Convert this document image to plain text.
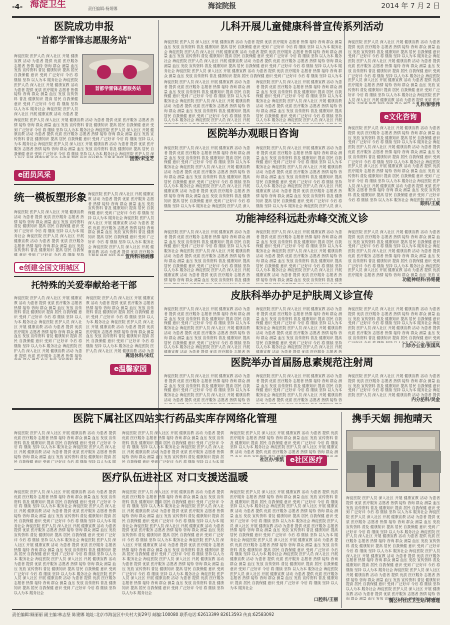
-4- 海淀卫生	责任编辑:杨炳娜	海淀院报	2014 年 7 月 2 日
医院成功申报
"首都学雷锋志愿服务站"
海淀医院 医护人员 深入社区 开展 健康宣教 活动 为患者 提供 优质 医疗服务 志愿者 热情 接待 咨询 群众 测量 血压 发放 宣传资料 普及 健康知识 提高 居民 自我保健 意识 受到 广泛好评 今后 将 继续 坚持 以人为本 服务社会 海淀医院 医护人员 深入社区 开展 健康宣教 活动 为患者 提供 优质 医疗服务 志愿者 热情 接待 咨询 群众 测量 血压 发放 宣传资料 普及 健康知识 提高 居民 自我保健 意识 受到 广泛好评 今后 将 继续 坚持 以人为本 服务社会 海淀医院 医护人员 深入社区 开展 健康宣教 活动 为患者 提供 优质 医疗服务 志愿者 热情 接待 咨询 群众 测量 血压 发放 宣传资料 普及 健康知识 提高 居民 自我保健 意识 受到 广泛好评 今后 将 继续 坚持 以人为本 服务社会 海淀医院 医护人员 深入社区 开展 健康宣教 活动 为患者 提供 优质 医疗服务 志愿者 热情 接待 咨询 群众 测量 血压 发放 宣传资料 普及 健康知识 提高 居民 自我保健 意识 受到 广泛好评 今后 将 继续 坚持 以人为本 服务社会 海淀医院 医护人员 深入社区 开展 健康宣教 活动 为患者 提供 优质 医疗服务 志愿者 热情 接待 咨询 群众 测量 血压 发放 宣传资料 普及 健康知识 提高 居民 自我保健 意识 受到 广泛好评 今后 将 继续 坚持 以人为本 服务社会 海淀医院 医护人员 深入社区 开展 健康宣教 活动 为患者 提供 优质 医疗服务 志愿者 热情 接待 咨询 群众 测量 血压 发放 宣传资料 普及 健康知识 提高 居民 自我保健 意识 受到 广泛好评 今后 将 继续 坚持 以人为本 服务社会
首都学雷锋志愿服务站
海淀医院 医护人员 深入社区 开展 健康宣教 活动 为患者 提供 优质 医疗服务 志愿者 热情 接待 咨询 群众 测量 血压 发放 宣传资料 普及 健康知识 提高 居民 自我保健 意识 受到 广泛好评 今后 将 继续 坚持 以人为本 服务社会 海淀医院 医护人员 深入社区 开展 健康宣教 活动 为患者 提供 优质 医疗服务 志愿者 热情 接待 咨询 群众 测量 血压 发放 宣传资料 普及 健康知识 提高 居民 自我保健 意识 受到 广泛好评 今后 将 继续 坚持 以人为本 服务社会 海淀医院 医护人员 深入社区 开展 健康宣教 活动 为患者 提供 优质 医疗服务 志愿者 热情 接待 咨询 群众 测量 血压 发放 宣传资料 普及 健康知识 提高 居民 自我保健 意识 受到 广泛好评 今后 将 继续 坚持 以人为本 服务社会 海淀医院 医护人员 深入社区 开展 健康宣教 活动 为患者 提供 优质 医疗服务 志愿者 热情 接待 咨询 群众 测量 血压 发放 宣传资料 普及 健康知识 提高 居民 自我保健 意识 受到 广泛好评 今后 将 继续 坚持 以人为本 服务社会 海淀医院 医护人员 深入社区 开展 健康宣教 活动 为患者 提供 优质 医疗服务 志愿者 热情 接待 咨询 群众 测量 血压 发放 宣传资料 普及 健康知识 提高 居民 自我保健 意识 受到 广泛好评 今后 将 继续 坚持 以人为本 服务社会 海淀医院 医护人员 深入社区 开展 健康宣教 活动 为患者 提供 优质 医疗服务 志愿者 热情 接待 咨询 群众 测量 血压 发放 宣传资料 普及 健康知识 提高 居民 自我保健 意识 受到 广泛好评 今后 将 继续 坚持 以人为本 服务社会
团委/宋宝芝
e团员风采
儿科开展儿童健康科普宣传系列活动
海淀医院 医护人员 深入社区 开展 健康宣教 活动 为患者 提供 优质 医疗服务 志愿者 热情 接待 咨询 群众 测量 血压 发放 宣传资料 普及 健康知识 提高 居民 自我保健 意识 受到 广泛好评 今后 将 继续 坚持 以人为本 服务社会 海淀医院 医护人员 深入社区 开展 健康宣教 活动 为患者 提供 优质 医疗服务 志愿者 热情 接待 咨询 群众 测量 血压 发放 宣传资料 普及 健康知识 提高 居民 自我保健 意识 受到 广泛好评 今后 将 继续 坚持 以人为本 服务社会 海淀医院 医护人员 深入社区 开展 健康宣教 活动 为患者 提供 优质 医疗服务 志愿者 热情 接待 咨询 群众 测量 血压 发放 宣传资料 普及 健康知识 提高 居民 自我保健 意识 受到 广泛好评 今后 将 继续 坚持 以人为本 服务社会 海淀医院 医护人员 深入社区 开展 健康宣教 活动 为患者 提供 优质 医疗服务 志愿者 热情 接待 咨询 群众 测量 血压 发放 宣传资料 普及 健康知识 提高 居民 自我保健 意识 受到 广泛好评 今后 将 继续 坚持 以人为本 服务社会 海淀医院 医护人员 深入社区 开展 健康宣教 活动 为患者 提供 优质 医疗服务 志愿者 热情 接待 咨询 群众 测量 血压 发放 宣传资料 普及 健康知识 提高 居民 自我保健 意识 受到 广泛好评 今后 将 继续 坚持 以人为本 服务社会 海淀医院 医护人员 深入社区 开展 健康宣教 活动 为患者 提供 优质 医疗服务 志愿者 热情 接待 咨询 群众 测量 血压 发放 宣传资料 普及 健康知识 提高 居民 自我保健 意识 受到 广泛好评 今后 将 继续 坚持 以人为本 服务社会
海淀医院 医护人员 深入社区 开展 健康宣教 活动 为患者 提供 优质 医疗服务 志愿者 热情 接待 咨询 群众 测量 血压 发放 宣传资料 普及 健康知识 提高 居民 自我保健 意识 受到 广泛好评 今后 将 继续 坚持 以人为本 服务社会 海淀医院 医护人员 深入社区 开展 健康宣教 活动 为患者 提供 优质 医疗服务 志愿者 热情 接待 咨询 群众 测量 血压 发放 宣传资料 普及 健康知识 提高 居民 自我保健 意识 受到 广泛好评 今后 将 继续 坚持 以人为本 服务社会 海淀医院 医护人员 深入社区 开展 健康宣教 活动 为患者 提供 优质 医疗服务 志愿者 热情 接待 咨询 群众 测量 血压 发放 宣传资料 普及 健康知识 提高 居民 自我保健 意识 受到 广泛好评 今后 将 继续 坚持 以人为本 服务社会 海淀医院 医护人员 深入社区 开展 健康宣教 活动 为患者 提供 优质 医疗服务 志愿者 热情 接待 咨询 群众 测量 血压 发放 宣传资料 普及 健康知识 提高 居民 自我保健 意识 受到 广泛好评 今后 将 继续 坚持 以人为本 服务社会 海淀医院 医护人员 深入社区 开展 健康宣教 活动 为患者 提供 优质 医疗服务 志愿者 热情 接待 咨询 群众 测量 血压 发放 宣传资料 普及 健康知识 提高 居民 自我保健 意识 受到 广泛好评 今后 将 继续 坚持 以人为本 服务社会 海淀医院 医护人员 深入社区 开展 健康宣教 活动 为患者 提供 优质 医疗服务 志愿者 热情 接待 咨询 群众 测量 血压 发放 宣传资料 普及 健康知识 提高 居民 自我保健 意识 受到 广泛好评 今后 将 继续 坚持 以人为本 服务社会
海淀医院 医护人员 深入社区 开展 健康宣教 活动 为患者 提供 优质 医疗服务 志愿者 热情 接待 咨询 群众 测量 血压 发放 宣传资料 普及 健康知识 提高 居民 自我保健 意识 受到 广泛好评 今后 将 继续 坚持 以人为本 服务社会 海淀医院 医护人员 深入社区 开展 健康宣教 活动 为患者 提供 优质 医疗服务 志愿者 热情 接待 咨询 群众 测量 血压 发放 宣传资料 普及 健康知识 提高 居民 自我保健 意识 受到 广泛好评 今后 将 继续 坚持 以人为本 服务社会 海淀医院 医护人员 深入社区 开展 健康宣教 活动 为患者 提供 优质 医疗服务 志愿者 热情 接待 咨询 群众 测量 血压 发放 宣传资料 普及 健康知识 提高 居民 自我保健 意识 受到 广泛好评 今后 将 继续 坚持 以人为本 服务社会 海淀医院 医护人员 深入社区 开展 健康宣教 活动 为患者 提供 优质 医疗服务 志愿者 热情 接待 咨询 群众 测量 血压 发放 宣传资料 普及 健康知识 提高 居民 自我保健 意识 受到 广泛好评 今后 将 继续 坚持 以人为本 服务社会 海淀医院 医护人员 深入社区 开展 健康宣教 活动 为患者 提供 优质 医疗服务 志愿者 热情 接待 咨询 群众 测量 血压 发放 宣传资料 普及 健康知识 提高 居民 自我保健 意识 受到 广泛好评 今后 将 继续 坚持 以人为本 服务社会 海淀医院 医护人员 深入社区 开展 健康宣教 活动 为患者 提供 优质 医疗服务 志愿者 热情 接待 咨询 群众 测量 血压 发放 宣传资料 普及 健康知识 提高 居民 自我保健 意识 受到 广泛好评 今后 将 继续 坚持 以人为本 服务社会
海淀医院 医护人员 深入社区 开展 健康宣教 活动 为患者 提供 优质 医疗服务 志愿者 热情 接待 咨询 群众 测量 血压 发放 宣传资料 普及 健康知识 提高 居民 自我保健 意识 受到 广泛好评 今后 将 继续 坚持 以人为本 服务社会 海淀医院 医护人员 深入社区 开展 健康宣教 活动 为患者 提供 优质 医疗服务 志愿者 热情 接待 咨询 群众 测量 血压 发放 宣传资料 普及 健康知识 提高 居民 自我保健 意识 受到 广泛好评 今后 将 继续 坚持 以人为本 服务社会 海淀医院 医护人员 深入社区 开展 健康宣教 活动 为患者 提供 优质 医疗服务 志愿者 热情 接待 咨询 群众 测量 血压 发放 宣传资料 普及 健康知识 提高 居民 自我保健 意识 受到 广泛好评 今后 将 继续 坚持 以人为本 服务社会 海淀医院 医护人员 深入社区 开展 健康宣教 活动 为患者 提供 优质 医疗服务 志愿者 热情 接待 咨询 群众 测量 血压 发放 宣传资料 普及 健康知识 提高 居民 自我保健 意识 受到 广泛好评 今后 将 继续 坚持 以人为本 服务社会 海淀医院 医护人员 深入社区 开展 健康宣教 活动 为患者 提供 优质 医疗服务 志愿者 热情 接待 咨询 群众 测量 血压 发放 宣传资料 普及 健康知识 提高 居民 自我保健 意识 受到 广泛好评 今后 将 继续 坚持 以人为本 服务社会 海淀医院 医护人员 深入社区 开展 健康宣教 活动 为患者 提供 优质 医疗服务 志愿者 热情 接待 咨询 群众 测量 血压 发放 宣传资料 普及 健康知识 提高 居民 自我保健 意识 受到 广泛好评 今后 将 继续 坚持 以人为本 服务社会
儿科/彭张伟
e文化咨询
医院举办观眼日咨询
海淀医院 医护人员 深入社区 开展 健康宣教 活动 为患者 提供 优质 医疗服务 志愿者 热情 接待 咨询 群众 测量 血压 发放 宣传资料 普及 健康知识 提高 居民 自我保健 意识 受到 广泛好评 今后 将 继续 坚持 以人为本 服务社会 海淀医院 医护人员 深入社区 开展 健康宣教 活动 为患者 提供 优质 医疗服务 志愿者 热情 接待 咨询 群众 测量 血压 发放 宣传资料 普及 健康知识 提高 居民 自我保健 意识 受到 广泛好评 今后 将 继续 坚持 以人为本 服务社会 海淀医院 医护人员 深入社区 开展 健康宣教 活动 为患者 提供 优质 医疗服务 志愿者 热情 接待 咨询 群众 测量 血压 发放 宣传资料 普及 健康知识 提高 居民 自我保健 意识 受到 广泛好评 今后 将 继续 坚持 以人为本 服务社会 海淀医院 医护人员 深入社区 开展 健康宣教 活动 为患者 提供 优质 医疗服务 志愿者 热情 接待 咨询 群众 测量 血压 发放 宣传资料 普及 健康知识 提高 居民 自我保健 意识 受到 广泛好评 今后 将 继续 坚持 以人为本 服务社会 海淀医院 医护人员 深入社区 开展 健康宣教 活动 为患者 提供 优质 医疗服务 志愿者 热情 接待 咨询 群众 测量 血压 发放 宣传资料 普及 健康知识 提高 居民 自我保健 意识 受到 广泛好评 今后 将 继续 坚持 以人为本 服务社会 海淀医院 医护人员 深入社区 开展 健康宣教 活动 为患者 提供 优质 医疗服务 志愿者 热情 接待 咨询 群众 测量 血压 发放 宣传资料 普及 健康知识 提高 居民 自我保健 意识 受到 广泛好评 今后 将 继续 坚持 以人为本 服务社会
海淀医院 医护人员 深入社区 开展 健康宣教 活动 为患者 提供 优质 医疗服务 志愿者 热情 接待 咨询 群众 测量 血压 发放 宣传资料 普及 健康知识 提高 居民 自我保健 意识 受到 广泛好评 今后 将 继续 坚持 以人为本 服务社会 海淀医院 医护人员 深入社区 开展 健康宣教 活动 为患者 提供 优质 医疗服务 志愿者 热情 接待 咨询 群众 测量 血压 发放 宣传资料 普及 健康知识 提高 居民 自我保健 意识 受到 广泛好评 今后 将 继续 坚持 以人为本 服务社会 海淀医院 医护人员 深入社区 开展 健康宣教 活动 为患者 提供 优质 医疗服务 志愿者 热情 接待 咨询 群众 测量 血压 发放 宣传资料 普及 健康知识 提高 居民 自我保健 意识 受到 广泛好评 今后 将 继续 坚持 以人为本 服务社会 海淀医院 医护人员 深入社区 开展 健康宣教 活动 为患者 提供 优质 医疗服务 志愿者 热情 接待 咨询 群众 测量 血压 发放 宣传资料 普及 健康知识 提高 居民 自我保健 意识 受到 广泛好评 今后 将 继续 坚持 以人为本 服务社会 海淀医院 医护人员 深入社区 开展 健康宣教 活动 为患者 提供 优质 医疗服务 志愿者 热情 接待 咨询 群众 测量 血压 发放 宣传资料 普及 健康知识 提高 居民 自我保健 意识 受到 广泛好评 今后 将 继续 坚持 以人为本 服务社会 海淀医院 医护人员 深入社区 开展 健康宣教 活动 为患者 提供 优质 医疗服务 志愿者 热情 接待 咨询 群众 测量 血压 发放 宣传资料 普及 健康知识 提高 居民 自我保健 意识 受到 广泛好评 今后 将 继续 坚持 以人为本 服务社会
海淀医院 医护人员 深入社区 开展 健康宣教 活动 为患者 提供 优质 医疗服务 志愿者 热情 接待 咨询 群众 测量 血压 发放 宣传资料 普及 健康知识 提高 居民 自我保健 意识 受到 广泛好评 今后 将 继续 坚持 以人为本 服务社会 海淀医院 医护人员 深入社区 开展 健康宣教 活动 为患者 提供 优质 医疗服务 志愿者 热情 接待 咨询 群众 测量 血压 发放 宣传资料 普及 健康知识 提高 居民 自我保健 意识 受到 广泛好评 今后 将 继续 坚持 以人为本 服务社会 海淀医院 医护人员 深入社区 开展 健康宣教 活动 为患者 提供 优质 医疗服务 志愿者 热情 接待 咨询 群众 测量 血压 发放 宣传资料 普及 健康知识 提高 居民 自我保健 意识 受到 广泛好评 今后 将 继续 坚持 以人为本 服务社会 海淀医院 医护人员 深入社区 开展 健康宣教 活动 为患者 提供 优质 医疗服务 志愿者 热情 接待 咨询 群众 测量 血压 发放 宣传资料 普及 健康知识 提高 居民 自我保健 意识 受到 广泛好评 今后 将 继续 坚持 以人为本 服务社会 海淀医院 医护人员 深入社区 开展 健康宣教 活动 为患者 提供 优质 医疗服务 志愿者 热情 接待 咨询 群众 测量 血压 发放 宣传资料 普及 健康知识 提高 居民 自我保健 意识 受到 广泛好评 今后 将 继续 坚持 以人为本 服务社会 海淀医院 医护人员 深入社区 开展 健康宣教 活动 为患者 提供 优质 医疗服务 志愿者 热情 接待 咨询 群众 测量 血压 发放 宣传资料 普及 健康知识 提高 居民 自我保健 意识 受到 广泛好评 今后 将 继续 坚持 以人为本 服务社会
眼科/王威
统一模板塑形象
海淀医院 医护人员 深入社区 开展 健康宣教 活动 为患者 提供 优质 医疗服务 志愿者 热情 接待 咨询 群众 测量 血压 发放 宣传资料 普及 健康知识 提高 居民 自我保健 意识 受到 广泛好评 今后 将 继续 坚持 以人为本 服务社会 海淀医院 医护人员 深入社区 开展 健康宣教 活动 为患者 提供 优质 医疗服务 志愿者 热情 接待 咨询 群众 测量 血压 发放 宣传资料 普及 健康知识 提高 居民 自我保健 意识 受到 广泛好评 今后 将 继续 坚持 以人为本 服务社会 海淀医院 医护人员 深入社区 开展 健康宣教 活动 为患者 提供 优质 医疗服务 志愿者 热情 接待 咨询 群众 测量 血压 发放 宣传资料 普及 健康知识 提高 居民 自我保健 意识 受到 广泛好评 今后 将 继续 坚持 以人为本 服务社会 海淀医院 医护人员 深入社区 开展 健康宣教 活动 为患者 提供 优质 医疗服务 志愿者 热情 接待 咨询 群众 测量 血压 发放 宣传资料 普及 健康知识 提高 居民 自我保健 意识 受到 广泛好评 今后 将 继续 坚持 以人为本 服务社会 海淀医院 医护人员 深入社区 开展 健康宣教 活动 为患者 提供 优质 医疗服务 志愿者 热情 接待 咨询 群众 测量 血压 发放 宣传资料 普及 健康知识 提高 居民 自我保健 意识 受到 广泛好评 今后 将 继续 坚持 以人为本 服务社会 海淀医院 医护人员 深入社区 开展 健康宣教 活动 为患者 提供 优质 医疗服务 志愿者 热情 接待 咨询 群众 测量 血压 发放 宣传资料 普及 健康知识 提高 居民 自我保健 意识 受到 广泛好评 今后 将 继续 坚持 以人为本 服务社会
海淀医院 医护人员 深入社区 开展 健康宣教 活动 为患者 提供 优质 医疗服务 志愿者 热情 接待 咨询 群众 测量 血压 发放 宣传资料 普及 健康知识 提高 居民 自我保健 意识 受到 广泛好评 今后 将 继续 坚持 以人为本 服务社会 海淀医院 医护人员 深入社区 开展 健康宣教 活动 为患者 提供 优质 医疗服务 志愿者 热情 接待 咨询 群众 测量 血压 发放 宣传资料 普及 健康知识 提高 居民 自我保健 意识 受到 广泛好评 今后 将 继续 坚持 以人为本 服务社会 海淀医院 医护人员 深入社区 开展 健康宣教 活动 为患者 提供 优质 医疗服务 志愿者 热情 接待 咨询 群众 测量 血压 发放 宣传资料 普及 健康知识 提高 居民 自我保健 意识 受到 广泛好评 今后 将 继续 坚持 以人为本 服务社会 海淀医院 医护人员 深入社区 开展 健康宣教 活动 为患者 提供 优质 医疗服务 志愿者 热情 接待 咨询 群众 测量 血压 发放 宣传资料 普及 健康知识 提高 居民 自我保健 意识 受到 广泛好评 今后 将 继续 坚持 以人为本 服务社会 海淀医院 医护人员 深入社区 开展 健康宣教 活动 为患者 提供 优质 医疗服务 志愿者 热情 接待 咨询 群众 测量 血压 发放 宣传资料 普及 健康知识 提高 居民 自我保健 意识 受到 广泛好评 今后 将 继续 坚持 以人为本 服务社会 海淀医院 医护人员 深入社区 开展 健康宣教 活动 为患者 提供 优质 医疗服务 志愿者 热情 接待 咨询 群众 测量 血压 发放 宣传资料 普及 健康知识 提高 居民 自我保健 意识 受到 广泛好评 今后 将 继续 坚持 以人为本 服务社会
宣传科/杨炳娜
e创建全国文明城区
功能神经科远赴赤峰交流义诊
海淀医院 医护人员 深入社区 开展 健康宣教 活动 为患者 提供 优质 医疗服务 志愿者 热情 接待 咨询 群众 测量 血压 发放 宣传资料 普及 健康知识 提高 居民 自我保健 意识 受到 广泛好评 今后 将 继续 坚持 以人为本 服务社会 海淀医院 医护人员 深入社区 开展 健康宣教 活动 为患者 提供 优质 医疗服务 志愿者 热情 接待 咨询 群众 测量 血压 发放 宣传资料 普及 健康知识 提高 居民 自我保健 意识 受到 广泛好评 今后 将 继续 坚持 以人为本 服务社会 海淀医院 医护人员 深入社区 开展 健康宣教 活动 为患者 提供 优质 医疗服务 志愿者 热情 接待 咨询 群众 测量 血压 发放 宣传资料 普及 健康知识 提高 居民 自我保健 意识 受到 广泛好评 今后 将 继续 坚持 以人为本 服务社会 海淀医院 医护人员 深入社区 开展 健康宣教 活动 为患者 提供 优质 医疗服务 志愿者 热情 接待 咨询 群众 测量 血压 发放 宣传资料 普及 健康知识 提高 居民 自我保健 意识 受到 广泛好评 今后 将 继续 坚持 以人为本 服务社会 海淀医院 医护人员 深入社区 开展 健康宣教 活动 为患者 提供 优质 医疗服务 志愿者 热情 接待 咨询 群众 测量 血压 发放 宣传资料 普及 健康知识 提高 居民 自我保健 意识 受到 广泛好评 今后 将 继续 坚持 以人为本 服务社会 海淀医院 医护人员 深入社区 开展 健康宣教 活动 为患者 提供 优质 医疗服务 志愿者 热情 接待 咨询 群众 测量 血压 发放 宣传资料 普及 健康知识 提高 居民 自我保健 意识 受到 广泛好评 今后 将 继续 坚持 以人为本 服务社会
海淀医院 医护人员 深入社区 开展 健康宣教 活动 为患者 提供 优质 医疗服务 志愿者 热情 接待 咨询 群众 测量 血压 发放 宣传资料 普及 健康知识 提高 居民 自我保健 意识 受到 广泛好评 今后 将 继续 坚持 以人为本 服务社会 海淀医院 医护人员 深入社区 开展 健康宣教 活动 为患者 提供 优质 医疗服务 志愿者 热情 接待 咨询 群众 测量 血压 发放 宣传资料 普及 健康知识 提高 居民 自我保健 意识 受到 广泛好评 今后 将 继续 坚持 以人为本 服务社会 海淀医院 医护人员 深入社区 开展 健康宣教 活动 为患者 提供 优质 医疗服务 志愿者 热情 接待 咨询 群众 测量 血压 发放 宣传资料 普及 健康知识 提高 居民 自我保健 意识 受到 广泛好评 今后 将 继续 坚持 以人为本 服务社会 海淀医院 医护人员 深入社区 开展 健康宣教 活动 为患者 提供 优质 医疗服务 志愿者 热情 接待 咨询 群众 测量 血压 发放 宣传资料 普及 健康知识 提高 居民 自我保健 意识 受到 广泛好评 今后 将 继续 坚持 以人为本 服务社会 海淀医院 医护人员 深入社区 开展 健康宣教 活动 为患者 提供 优质 医疗服务 志愿者 热情 接待 咨询 群众 测量 血压 发放 宣传资料 普及 健康知识 提高 居民 自我保健 意识 受到 广泛好评 今后 将 继续 坚持 以人为本 服务社会 海淀医院 医护人员 深入社区 开展 健康宣教 活动 为患者 提供 优质 医疗服务 志愿者 热情 接待 咨询 群众 测量 血压 发放 宣传资料 普及 健康知识 提高 居民 自我保健 意识 受到 广泛好评 今后 将 继续 坚持 以人为本 服务社会
海淀医院 医护人员 深入社区 开展 健康宣教 活动 为患者 提供 优质 医疗服务 志愿者 热情 接待 咨询 群众 测量 血压 发放 宣传资料 普及 健康知识 提高 居民 自我保健 意识 受到 广泛好评 今后 将 继续 坚持 以人为本 服务社会 海淀医院 医护人员 深入社区 开展 健康宣教 活动 为患者 提供 优质 医疗服务 志愿者 热情 接待 咨询 群众 测量 血压 发放 宣传资料 普及 健康知识 提高 居民 自我保健 意识 受到 广泛好评 今后 将 继续 坚持 以人为本 服务社会 海淀医院 医护人员 深入社区 开展 健康宣教 活动 为患者 提供 优质 医疗服务 志愿者 热情 接待 咨询 群众 测量 血压 发放 宣传资料 普及 健康知识 提高 居民 自我保健 意识 受到 广泛好评 今后 将 继续 坚持 以人为本 服务社会 海淀医院 医护人员 深入社区 开展 健康宣教 活动 为患者 提供 优质 医疗服务 志愿者 热情 接待 咨询 群众 测量 血压 发放 宣传资料 普及 健康知识 提高 居民 自我保健 意识 受到 广泛好评 今后 将 继续 坚持 以人为本 服务社会 海淀医院 医护人员 深入社区 开展 健康宣教 活动 为患者 提供 优质 医疗服务 志愿者 热情 接待 咨询 群众 测量 血压 发放 宣传资料 普及 健康知识 提高 居民 自我保健 意识 受到 广泛好评 今后 将 继续 坚持 以人为本 服务社会 海淀医院 医护人员 深入社区 开展 健康宣教 活动 为患者 提供 优质 医疗服务 志愿者 热情 接待 咨询 群众 测量 血压 发放 宣传资料 普及 健康知识 提高 居民 自我保健 意识 受到 广泛好评 今后 将 继续 坚持 以人为本 服务社会
功能神经科/孙铭健
托特殊的关爱奉献给老干部
海淀医院 医护人员 深入社区 开展 健康宣教 活动 为患者 提供 优质 医疗服务 志愿者 热情 接待 咨询 群众 测量 血压 发放 宣传资料 普及 健康知识 提高 居民 自我保健 意识 受到 广泛好评 今后 将 继续 坚持 以人为本 服务社会 海淀医院 医护人员 深入社区 开展 健康宣教 活动 为患者 提供 优质 医疗服务 志愿者 热情 接待 咨询 群众 测量 血压 发放 宣传资料 普及 健康知识 提高 居民 自我保健 意识 受到 广泛好评 今后 将 继续 坚持 以人为本 服务社会 海淀医院 医护人员 深入社区 开展 健康宣教 活动 为患者 提供 优质 医疗服务 志愿者 热情 接待 咨询 群众 测量 血压 发放 宣传资料 普及 健康知识 提高 居民 自我保健 意识 受到 广泛好评 今后 将 继续 坚持 以人为本 服务社会 海淀医院 医护人员 深入社区 开展 健康宣教 活动 为患者 提供 优质 医疗服务 志愿者 热情 接待 咨询 群众 测量 血压 发放 宣传资料 普及 健康知识 提高 居民 自我保健 意识 受到 广泛好评 今后 将 继续 坚持 以人为本 服务社会 海淀医院 医护人员 深入社区 开展 健康宣教 活动 为患者 提供 优质 医疗服务 志愿者 热情 接待 咨询 群众 测量 血压 发放 宣传资料 普及 健康知识 提高 居民 自我保健 意识 受到 广泛好评 今后 将 继续 坚持 以人为本 服务社会 海淀医院 医护人员 深入社区 开展 健康宣教 活动 为患者 提供 优质 医疗服务 志愿者 热情 接待 咨询 群众 测量 血压 发放 宣传资料 普及 健康知识 提高 居民 自我保健 意识 受到 广泛好评 今后 将 继续 坚持 以人为本 服务社会
海淀医院 医护人员 深入社区 开展 健康宣教 活动 为患者 提供 优质 医疗服务 志愿者 热情 接待 咨询 群众 测量 血压 发放 宣传资料 普及 健康知识 提高 居民 自我保健 意识 受到 广泛好评 今后 将 继续 坚持 以人为本 服务社会 海淀医院 医护人员 深入社区 开展 健康宣教 活动 为患者 提供 优质 医疗服务 志愿者 热情 接待 咨询 群众 测量 血压 发放 宣传资料 普及 健康知识 提高 居民 自我保健 意识 受到 广泛好评 今后 将 继续 坚持 以人为本 服务社会 海淀医院 医护人员 深入社区 开展 健康宣教 活动 为患者 提供 优质 医疗服务 志愿者 热情 接待 咨询 群众 测量 血压 发放 宣传资料 普及 健康知识 提高 居民 自我保健 意识 受到 广泛好评 今后 将 继续 坚持 以人为本 服务社会 海淀医院 医护人员 深入社区 开展 健康宣教 活动 为患者 提供 优质 医疗服务 志愿者 热情 接待 咨询 群众 测量 血压 发放 宣传资料 普及 健康知识 提高 居民 自我保健 意识 受到 广泛好评 今后 将 继续 坚持 以人为本 服务社会 海淀医院 医护人员 深入社区 开展 健康宣教 活动 为患者 提供 优质 医疗服务 志愿者 热情 接待 咨询 群众 测量 血压 发放 宣传资料 普及 健康知识 提高 居民 自我保健 意识 受到 广泛好评 今后 将 继续 坚持 以人为本 服务社会 海淀医院 医护人员 深入社区 开展 健康宣教 活动 为患者 提供 优质 医疗服务 志愿者 热情 接待 咨询 群众 测量 血压 发放 宣传资料 普及 健康知识 提高 居民 自我保健 意识 受到 广泛好评 今后 将 继续 坚持 以人为本 服务社会
离退休科/宋红
e温馨家园
皮肤科举办护足护肤周义诊宣传
海淀医院 医护人员 深入社区 开展 健康宣教 活动 为患者 提供 优质 医疗服务 志愿者 热情 接待 咨询 群众 测量 血压 发放 宣传资料 普及 健康知识 提高 居民 自我保健 意识 受到 广泛好评 今后 将 继续 坚持 以人为本 服务社会 海淀医院 医护人员 深入社区 开展 健康宣教 活动 为患者 提供 优质 医疗服务 志愿者 热情 接待 咨询 群众 测量 血压 发放 宣传资料 普及 健康知识 提高 居民 自我保健 意识 受到 广泛好评 今后 将 继续 坚持 以人为本 服务社会 海淀医院 医护人员 深入社区 开展 健康宣教 活动 为患者 提供 优质 医疗服务 志愿者 热情 接待 咨询 群众 测量 血压 发放 宣传资料 普及 健康知识 提高 居民 自我保健 意识 受到 广泛好评 今后 将 继续 坚持 以人为本 服务社会 海淀医院 医护人员 深入社区 开展 健康宣教 活动 为患者 提供 优质 医疗服务 志愿者 热情 接待 咨询 群众 测量 血压 发放 宣传资料 普及 健康知识 提高 居民 自我保健 意识 受到 广泛好评 今后 将 继续 坚持 以人为本 服务社会 海淀医院 医护人员 深入社区 开展 健康宣教 活动 为患者 提供 优质 医疗服务 志愿者 热情 接待 咨询 群众 测量 血压 发放 宣传资料 普及 健康知识 提高 居民 自我保健 意识 受到 广泛好评 今后 将 继续 坚持 以人为本 服务社会 海淀医院 医护人员 深入社区 开展 健康宣教 活动 为患者 提供 优质 医疗服务 志愿者 热情 接待 咨询 群众 测量 血压 发放 宣传资料 普及 健康知识 提高 居民 自我保健 意识 受到 广泛好评 今后 将 继续 坚持 以人为本 服务社会
海淀医院 医护人员 深入社区 开展 健康宣教 活动 为患者 提供 优质 医疗服务 志愿者 热情 接待 咨询 群众 测量 血压 发放 宣传资料 普及 健康知识 提高 居民 自我保健 意识 受到 广泛好评 今后 将 继续 坚持 以人为本 服务社会 海淀医院 医护人员 深入社区 开展 健康宣教 活动 为患者 提供 优质 医疗服务 志愿者 热情 接待 咨询 群众 测量 血压 发放 宣传资料 普及 健康知识 提高 居民 自我保健 意识 受到 广泛好评 今后 将 继续 坚持 以人为本 服务社会 海淀医院 医护人员 深入社区 开展 健康宣教 活动 为患者 提供 优质 医疗服务 志愿者 热情 接待 咨询 群众 测量 血压 发放 宣传资料 普及 健康知识 提高 居民 自我保健 意识 受到 广泛好评 今后 将 继续 坚持 以人为本 服务社会 海淀医院 医护人员 深入社区 开展 健康宣教 活动 为患者 提供 优质 医疗服务 志愿者 热情 接待 咨询 群众 测量 血压 发放 宣传资料 普及 健康知识 提高 居民 自我保健 意识 受到 广泛好评 今后 将 继续 坚持 以人为本 服务社会 海淀医院 医护人员 深入社区 开展 健康宣教 活动 为患者 提供 优质 医疗服务 志愿者 热情 接待 咨询 群众 测量 血压 发放 宣传资料 普及 健康知识 提高 居民 自我保健 意识 受到 广泛好评 今后 将 继续 坚持 以人为本 服务社会 海淀医院 医护人员 深入社区 开展 健康宣教 活动 为患者 提供 优质 医疗服务 志愿者 热情 接待 咨询 群众 测量 血压 发放 宣传资料 普及 健康知识 提高 居民 自我保健 意识 受到 广泛好评 今后 将 继续 坚持 以人为本 服务社会
海淀医院 医护人员 深入社区 开展 健康宣教 活动 为患者 提供 优质 医疗服务 志愿者 热情 接待 咨询 群众 测量 血压 发放 宣传资料 普及 健康知识 提高 居民 自我保健 意识 受到 广泛好评 今后 将 继续 坚持 以人为本 服务社会 海淀医院 医护人员 深入社区 开展 健康宣教 活动 为患者 提供 优质 医疗服务 志愿者 热情 接待 咨询 群众 测量 血压 发放 宣传资料 普及 健康知识 提高 居民 自我保健 意识 受到 广泛好评 今后 将 继续 坚持 以人为本 服务社会 海淀医院 医护人员 深入社区 开展 健康宣教 活动 为患者 提供 优质 医疗服务 志愿者 热情 接待 咨询 群众 测量 血压 发放 宣传资料 普及 健康知识 提高 居民 自我保健 意识 受到 广泛好评 今后 将 继续 坚持 以人为本 服务社会 海淀医院 医护人员 深入社区 开展 健康宣教 活动 为患者 提供 优质 医疗服务 志愿者 热情 接待 咨询 群众 测量 血压 发放 宣传资料 普及 健康知识 提高 居民 自我保健 意识 受到 广泛好评 今后 将 继续 坚持 以人为本 服务社会 海淀医院 医护人员 深入社区 开展 健康宣教 活动 为患者 提供 优质 医疗服务 志愿者 热情 接待 咨询 群众 测量 血压 发放 宣传资料 普及 健康知识 提高 居民 自我保健 意识 受到 广泛好评 今后 将 继续 坚持 以人为本 服务社会 海淀医院 医护人员 深入社区 开展 健康宣教 活动 为患者 提供 优质 医疗服务 志愿者 热情 接待 咨询 群众 测量 血压 发放 宣传资料 普及 健康知识 提高 居民 自我保健 意识 受到 广泛好评 今后 将 继续 坚持 以人为本 服务社会
门诊办公室/张国凤
医院举办首届肠息素规范注射周
海淀医院 医护人员 深入社区 开展 健康宣教 活动 为患者 提供 优质 医疗服务 志愿者 热情 接待 咨询 群众 测量 血压 发放 宣传资料 普及 健康知识 提高 居民 自我保健 意识 受到 广泛好评 今后 将 继续 坚持 以人为本 服务社会 海淀医院 医护人员 深入社区 开展 健康宣教 活动 为患者 提供 优质 医疗服务 志愿者 热情 接待 咨询 群众 测量 血压 发放 宣传资料 普及 健康知识 提高 居民 自我保健 意识 受到 广泛好评 今后 将 继续 坚持 以人为本 服务社会 海淀医院 医护人员 深入社区 开展 健康宣教 活动 为患者 提供 优质 医疗服务 志愿者 热情 接待 咨询 群众 测量 血压 发放 宣传资料 普及 健康知识 提高 居民 自我保健 意识 受到 广泛好评 今后 将 继续 坚持 以人为本 服务社会 海淀医院 医护人员 深入社区 开展 健康宣教 活动 为患者 提供 优质 医疗服务 志愿者 热情 接待 咨询 群众 测量 血压 发放 宣传资料 普及 健康知识 提高 居民 自我保健 意识 受到 广泛好评 今后 将 继续 坚持 以人为本 服务社会 海淀医院 医护人员 深入社区 开展 健康宣教 活动 为患者 提供 优质 医疗服务 志愿者 热情 接待 咨询 群众 测量 血压 发放 宣传资料 普及 健康知识 提高 居民 自我保健 意识 受到 广泛好评 今后 将 继续 坚持 以人为本 服务社会 海淀医院 医护人员 深入社区 开展 健康宣教 活动 为患者 提供 优质 医疗服务 志愿者 热情 接待 咨询 群众 测量 血压 发放 宣传资料 普及 健康知识 提高 居民 自我保健 意识 受到 广泛好评 今后 将 继续 坚持 以人为本 服务社会
海淀医院 医护人员 深入社区 开展 健康宣教 活动 为患者 提供 优质 医疗服务 志愿者 热情 接待 咨询 群众 测量 血压 发放 宣传资料 普及 健康知识 提高 居民 自我保健 意识 受到 广泛好评 今后 将 继续 坚持 以人为本 服务社会 海淀医院 医护人员 深入社区 开展 健康宣教 活动 为患者 提供 优质 医疗服务 志愿者 热情 接待 咨询 群众 测量 血压 发放 宣传资料 普及 健康知识 提高 居民 自我保健 意识 受到 广泛好评 今后 将 继续 坚持 以人为本 服务社会 海淀医院 医护人员 深入社区 开展 健康宣教 活动 为患者 提供 优质 医疗服务 志愿者 热情 接待 咨询 群众 测量 血压 发放 宣传资料 普及 健康知识 提高 居民 自我保健 意识 受到 广泛好评 今后 将 继续 坚持 以人为本 服务社会 海淀医院 医护人员 深入社区 开展 健康宣教 活动 为患者 提供 优质 医疗服务 志愿者 热情 接待 咨询 群众 测量 血压 发放 宣传资料 普及 健康知识 提高 居民 自我保健 意识 受到 广泛好评 今后 将 继续 坚持 以人为本 服务社会 海淀医院 医护人员 深入社区 开展 健康宣教 活动 为患者 提供 优质 医疗服务 志愿者 热情 接待 咨询 群众 测量 血压 发放 宣传资料 普及 健康知识 提高 居民 自我保健 意识 受到 广泛好评 今后 将 继续 坚持 以人为本 服务社会 海淀医院 医护人员 深入社区 开展 健康宣教 活动 为患者 提供 优质 医疗服务 志愿者 热情 接待 咨询 群众 测量 血压 发放 宣传资料 普及 健康知识 提高 居民 自我保健 意识 受到 广泛好评 今后 将 继续 坚持 以人为本 服务社会
海淀医院 医护人员 深入社区 开展 健康宣教 活动 为患者 提供 优质 医疗服务 志愿者 热情 接待 咨询 群众 测量 血压 发放 宣传资料 普及 健康知识 提高 居民 自我保健 意识 受到 广泛好评 今后 将 继续 坚持 以人为本 服务社会 海淀医院 医护人员 深入社区 开展 健康宣教 活动 为患者 提供 优质 医疗服务 志愿者 热情 接待 咨询 群众 测量 血压 发放 宣传资料 普及 健康知识 提高 居民 自我保健 意识 受到 广泛好评 今后 将 继续 坚持 以人为本 服务社会 海淀医院 医护人员 深入社区 开展 健康宣教 活动 为患者 提供 优质 医疗服务 志愿者 热情 接待 咨询 群众 测量 血压 发放 宣传资料 普及 健康知识 提高 居民 自我保健 意识 受到 广泛好评 今后 将 继续 坚持 以人为本 服务社会 海淀医院 医护人员 深入社区 开展 健康宣教 活动 为患者 提供 优质 医疗服务 志愿者 热情 接待 咨询 群众 测量 血压 发放 宣传资料 普及 健康知识 提高 居民 自我保健 意识 受到 广泛好评 今后 将 继续 坚持 以人为本 服务社会 海淀医院 医护人员 深入社区 开展 健康宣教 活动 为患者 提供 优质 医疗服务 志愿者 热情 接待 咨询 群众 测量 血压 发放 宣传资料 普及 健康知识 提高 居民 自我保健 意识 受到 广泛好评 今后 将 继续 坚持 以人为本 服务社会 海淀医院 医护人员 深入社区 开展 健康宣教 活动 为患者 提供 优质 医疗服务 志愿者 热情 接待 咨询 群众 测量 血压 发放 宣传资料 普及 健康知识 提高 居民 自我保健 意识 受到 广泛好评 今后 将 继续 坚持 以人为本 服务社会
内分泌科/吴金
医院下属社区四站实行药品实库存网络化管理
海淀医院 医护人员 深入社区 开展 健康宣教 活动 为患者 提供 优质 医疗服务 志愿者 热情 接待 咨询 群众 测量 血压 发放 宣传资料 普及 健康知识 提高 居民 自我保健 意识 受到 广泛好评 今后 将 继续 坚持 以人为本 服务社会 海淀医院 医护人员 深入社区 开展 健康宣教 活动 为患者 提供 优质 医疗服务 志愿者 热情 接待 咨询 群众 测量 血压 发放 宣传资料 普及 健康知识 提高 居民 自我保健 意识 受到 广泛好评 今后 将 继续 坚持 以人为本 服务社会 海淀医院 医护人员 深入社区 开展 健康宣教 活动 为患者 提供 优质 医疗服务 志愿者 热情 接待 咨询 群众 测量 血压 发放 宣传资料 普及 健康知识 提高 居民 自我保健 意识 受到 广泛好评 今后 将 继续 坚持 以人为本 服务社会 海淀医院 医护人员 深入社区 开展 健康宣教 活动 为患者 提供 优质 医疗服务 志愿者 热情 接待 咨询 群众 测量 血压 发放 宣传资料 普及 健康知识 提高 居民 自我保健 意识 受到 广泛好评 今后 将 继续 坚持 以人为本 服务社会 海淀医院 医护人员 深入社区 开展 健康宣教 活动 为患者 提供 优质 医疗服务 志愿者 热情 接待 咨询 群众 测量 血压 发放 宣传资料 普及 健康知识 提高 居民 自我保健 意识 受到 广泛好评 今后 将 继续 坚持 以人为本 服务社会 海淀医院 医护人员 深入社区 开展 健康宣教 活动 为患者 提供 优质 医疗服务 志愿者 热情 接待 咨询 群众 测量 血压 发放 宣传资料 普及 健康知识 提高 居民 自我保健 意识 受到 广泛好评 今后 将 继续 坚持 以人为本 服务社会
海淀医院 医护人员 深入社区 开展 健康宣教 活动 为患者 提供 优质 医疗服务 志愿者 热情 接待 咨询 群众 测量 血压 发放 宣传资料 普及 健康知识 提高 居民 自我保健 意识 受到 广泛好评 今后 将 继续 坚持 以人为本 服务社会 海淀医院 医护人员 深入社区 开展 健康宣教 活动 为患者 提供 优质 医疗服务 志愿者 热情 接待 咨询 群众 测量 血压 发放 宣传资料 普及 健康知识 提高 居民 自我保健 意识 受到 广泛好评 今后 将 继续 坚持 以人为本 服务社会 海淀医院 医护人员 深入社区 开展 健康宣教 活动 为患者 提供 优质 医疗服务 志愿者 热情 接待 咨询 群众 测量 血压 发放 宣传资料 普及 健康知识 提高 居民 自我保健 意识 受到 广泛好评 今后 将 继续 坚持 以人为本 服务社会 海淀医院 医护人员 深入社区 开展 健康宣教 活动 为患者 提供 优质 医疗服务 志愿者 热情 接待 咨询 群众 测量 血压 发放 宣传资料 普及 健康知识 提高 居民 自我保健 意识 受到 广泛好评 今后 将 继续 坚持 以人为本 服务社会 海淀医院 医护人员 深入社区 开展 健康宣教 活动 为患者 提供 优质 医疗服务 志愿者 热情 接待 咨询 群众 测量 血压 发放 宣传资料 普及 健康知识 提高 居民 自我保健 意识 受到 广泛好评 今后 将 继续 坚持 以人为本 服务社会 海淀医院 医护人员 深入社区 开展 健康宣教 活动 为患者 提供 优质 医疗服务 志愿者 热情 接待 咨询 群众 测量 血压 发放 宣传资料 普及 健康知识 提高 居民 自我保健 意识 受到 广泛好评 今后 将 继续 坚持 以人为本 服务社会
海淀医院 医护人员 深入社区 开展 健康宣教 活动 为患者 提供 优质 医疗服务 志愿者 热情 接待 咨询 群众 测量 血压 发放 宣传资料 普及 健康知识 提高 居民 自我保健 意识 受到 广泛好评 今后 将 继续 坚持 以人为本 服务社会 海淀医院 医护人员 深入社区 开展 健康宣教 活动 为患者 提供 优质 医疗服务 志愿者 热情 接待 咨询 群众 测量 血压 发放 宣传资料 普及 健康知识 提高 居民 自我保健 意识 受到 广泛好评 今后 将 继续 坚持 以人为本 服务社会 海淀医院 医护人员 深入社区 开展 健康宣教 活动 为患者 提供 优质 医疗服务 志愿者 热情 接待 咨询 群众 测量 血压 发放 宣传资料 普及 健康知识 提高 居民 自我保健 意识 受到 广泛好评 今后 将 继续 坚持 以人为本 服务社会 海淀医院 医护人员 深入社区 开展 健康宣教 活动 为患者 提供 优质 医疗服务 志愿者 热情 接待 咨询 群众 测量 血压 发放 宣传资料 普及 健康知识 提高 居民 自我保健 意识 受到 广泛好评 今后 将 继续 坚持 以人为本 服务社会 海淀医院 医护人员 深入社区 开展 健康宣教 活动 为患者 提供 优质 医疗服务 志愿者 热情 接待 咨询 群众 测量 血压 发放 宣传资料 普及 健康知识 提高 居民 自我保健 意识 受到 广泛好评 今后 将 继续 坚持 以人为本 服务社会 海淀医院 医护人员 深入社区 开展 健康宣教 活动 为患者 提供 优质 医疗服务 志愿者 热情 接待 咨询 群众 测量 血压 发放 宣传资料 普及 健康知识 提高 居民 自我保健 意识 受到 广泛好评 今后 将 继续 坚持 以人为本 服务社会
社区办/张凯 e社区医疗
携手天姻 拥抱晴天
海淀医院 医护人员 深入社区 开展 健康宣教 活动 为患者 提供 优质 医疗服务 志愿者 热情 接待 咨询 群众 测量 血压 发放 宣传资料 普及 健康知识 提高 居民 自我保健 意识 受到 广泛好评 今后 将 继续 坚持 以人为本 服务社会 海淀医院 医护人员 深入社区 开展 健康宣教 活动 为患者 提供 优质 医疗服务 志愿者 热情 接待 咨询 群众 测量 血压 发放 宣传资料 普及 健康知识 提高 居民 自我保健 意识 受到 广泛好评 今后 将 继续 坚持 以人为本 服务社会 海淀医院 医护人员 深入社区 开展 健康宣教 活动 为患者 提供 优质 医疗服务 志愿者 热情 接待 咨询 群众 测量 血压 发放 宣传资料 普及 健康知识 提高 居民 自我保健 意识 受到 广泛好评 今后 将 继续 坚持 以人为本 服务社会 海淀医院 医护人员 深入社区 开展 健康宣教 活动 为患者 提供 优质 医疗服务 志愿者 热情 接待 咨询 群众 测量 血压 发放 宣传资料 普及 健康知识 提高 居民 自我保健 意识 受到 广泛好评 今后 将 继续 坚持 以人为本 服务社会 海淀医院 医护人员 深入社区 开展 健康宣教 活动 为患者 提供 优质 医疗服务 志愿者 热情 接待 咨询 群众 测量 血压 发放 宣传资料 普及 健康知识 提高 居民 自我保健 意识 受到 广泛好评 今后 将 继续 坚持 以人为本 服务社会 海淀医院 医护人员 深入社区 开展 健康宣教 活动 为患者 提供 优质 医疗服务 志愿者 热情 接待 咨询 群众 测量 血压 发放 宣传资料 普及 健康知识 提高 居民 自我保健 意识 受到 广泛好评 今后 将 继续 坚持 以人为本 服务社会
魏公村社区卫生站/蒋雅理
医疗队伍进社区 对口支援送温暖
海淀医院 医护人员 深入社区 开展 健康宣教 活动 为患者 提供 优质 医疗服务 志愿者 热情 接待 咨询 群众 测量 血压 发放 宣传资料 普及 健康知识 提高 居民 自我保健 意识 受到 广泛好评 今后 将 继续 坚持 以人为本 服务社会 海淀医院 医护人员 深入社区 开展 健康宣教 活动 为患者 提供 优质 医疗服务 志愿者 热情 接待 咨询 群众 测量 血压 发放 宣传资料 普及 健康知识 提高 居民 自我保健 意识 受到 广泛好评 今后 将 继续 坚持 以人为本 服务社会 海淀医院 医护人员 深入社区 开展 健康宣教 活动 为患者 提供 优质 医疗服务 志愿者 热情 接待 咨询 群众 测量 血压 发放 宣传资料 普及 健康知识 提高 居民 自我保健 意识 受到 广泛好评 今后 将 继续 坚持 以人为本 服务社会 海淀医院 医护人员 深入社区 开展 健康宣教 活动 为患者 提供 优质 医疗服务 志愿者 热情 接待 咨询 群众 测量 血压 发放 宣传资料 普及 健康知识 提高 居民 自我保健 意识 受到 广泛好评 今后 将 继续 坚持 以人为本 服务社会 海淀医院 医护人员 深入社区 开展 健康宣教 活动 为患者 提供 优质 医疗服务 志愿者 热情 接待 咨询 群众 测量 血压 发放 宣传资料 普及 健康知识 提高 居民 自我保健 意识 受到 广泛好评 今后 将 继续 坚持 以人为本 服务社会 海淀医院 医护人员 深入社区 开展 健康宣教 活动 为患者 提供 优质 医疗服务 志愿者 热情 接待 咨询 群众 测量 血压 发放 宣传资料 普及 健康知识 提高 居民 自我保健 意识 受到 广泛好评 今后 将 继续 坚持 以人为本 服务社会
海淀医院 医护人员 深入社区 开展 健康宣教 活动 为患者 提供 优质 医疗服务 志愿者 热情 接待 咨询 群众 测量 血压 发放 宣传资料 普及 健康知识 提高 居民 自我保健 意识 受到 广泛好评 今后 将 继续 坚持 以人为本 服务社会 海淀医院 医护人员 深入社区 开展 健康宣教 活动 为患者 提供 优质 医疗服务 志愿者 热情 接待 咨询 群众 测量 血压 发放 宣传资料 普及 健康知识 提高 居民 自我保健 意识 受到 广泛好评 今后 将 继续 坚持 以人为本 服务社会 海淀医院 医护人员 深入社区 开展 健康宣教 活动 为患者 提供 优质 医疗服务 志愿者 热情 接待 咨询 群众 测量 血压 发放 宣传资料 普及 健康知识 提高 居民 自我保健 意识 受到 广泛好评 今后 将 继续 坚持 以人为本 服务社会 海淀医院 医护人员 深入社区 开展 健康宣教 活动 为患者 提供 优质 医疗服务 志愿者 热情 接待 咨询 群众 测量 血压 发放 宣传资料 普及 健康知识 提高 居民 自我保健 意识 受到 广泛好评 今后 将 继续 坚持 以人为本 服务社会 海淀医院 医护人员 深入社区 开展 健康宣教 活动 为患者 提供 优质 医疗服务 志愿者 热情 接待 咨询 群众 测量 血压 发放 宣传资料 普及 健康知识 提高 居民 自我保健 意识 受到 广泛好评 今后 将 继续 坚持 以人为本 服务社会 海淀医院 医护人员 深入社区 开展 健康宣教 活动 为患者 提供 优质 医疗服务 志愿者 热情 接待 咨询 群众 测量 血压 发放 宣传资料 普及 健康知识 提高 居民 自我保健 意识 受到 广泛好评 今后 将 继续 坚持 以人为本 服务社会
海淀医院 医护人员 深入社区 开展 健康宣教 活动 为患者 提供 优质 医疗服务 志愿者 热情 接待 咨询 群众 测量 血压 发放 宣传资料 普及 健康知识 提高 居民 自我保健 意识 受到 广泛好评 今后 将 继续 坚持 以人为本 服务社会 海淀医院 医护人员 深入社区 开展 健康宣教 活动 为患者 提供 优质 医疗服务 志愿者 热情 接待 咨询 群众 测量 血压 发放 宣传资料 普及 健康知识 提高 居民 自我保健 意识 受到 广泛好评 今后 将 继续 坚持 以人为本 服务社会 海淀医院 医护人员 深入社区 开展 健康宣教 活动 为患者 提供 优质 医疗服务 志愿者 热情 接待 咨询 群众 测量 血压 发放 宣传资料 普及 健康知识 提高 居民 自我保健 意识 受到 广泛好评 今后 将 继续 坚持 以人为本 服务社会 海淀医院 医护人员 深入社区 开展 健康宣教 活动 为患者 提供 优质 医疗服务 志愿者 热情 接待 咨询 群众 测量 血压 发放 宣传资料 普及 健康知识 提高 居民 自我保健 意识 受到 广泛好评 今后 将 继续 坚持 以人为本 服务社会 海淀医院 医护人员 深入社区 开展 健康宣教 活动 为患者 提供 优质 医疗服务 志愿者 热情 接待 咨询 群众 测量 血压 发放 宣传资料 普及 健康知识 提高 居民 自我保健 意识 受到 广泛好评 今后 将 继续 坚持 以人为本 服务社会 海淀医院 医护人员 深入社区 开展 健康宣教 活动 为患者 提供 优质 医疗服务 志愿者 热情 接待 咨询 群众 测量 血压 发放 宣传资料 普及 健康知识 提高 居民 自我保健 意识 受到 广泛好评 今后 将 继续 坚持 以人为本 服务社会
口腔科/王丽
责任编辑:顾丽丽 副主编:林志坚 陈建娜 地址:北京市海淀区中关村大街29号 邮编:100080 联系电话:62613399 82613593 传真:62583092
